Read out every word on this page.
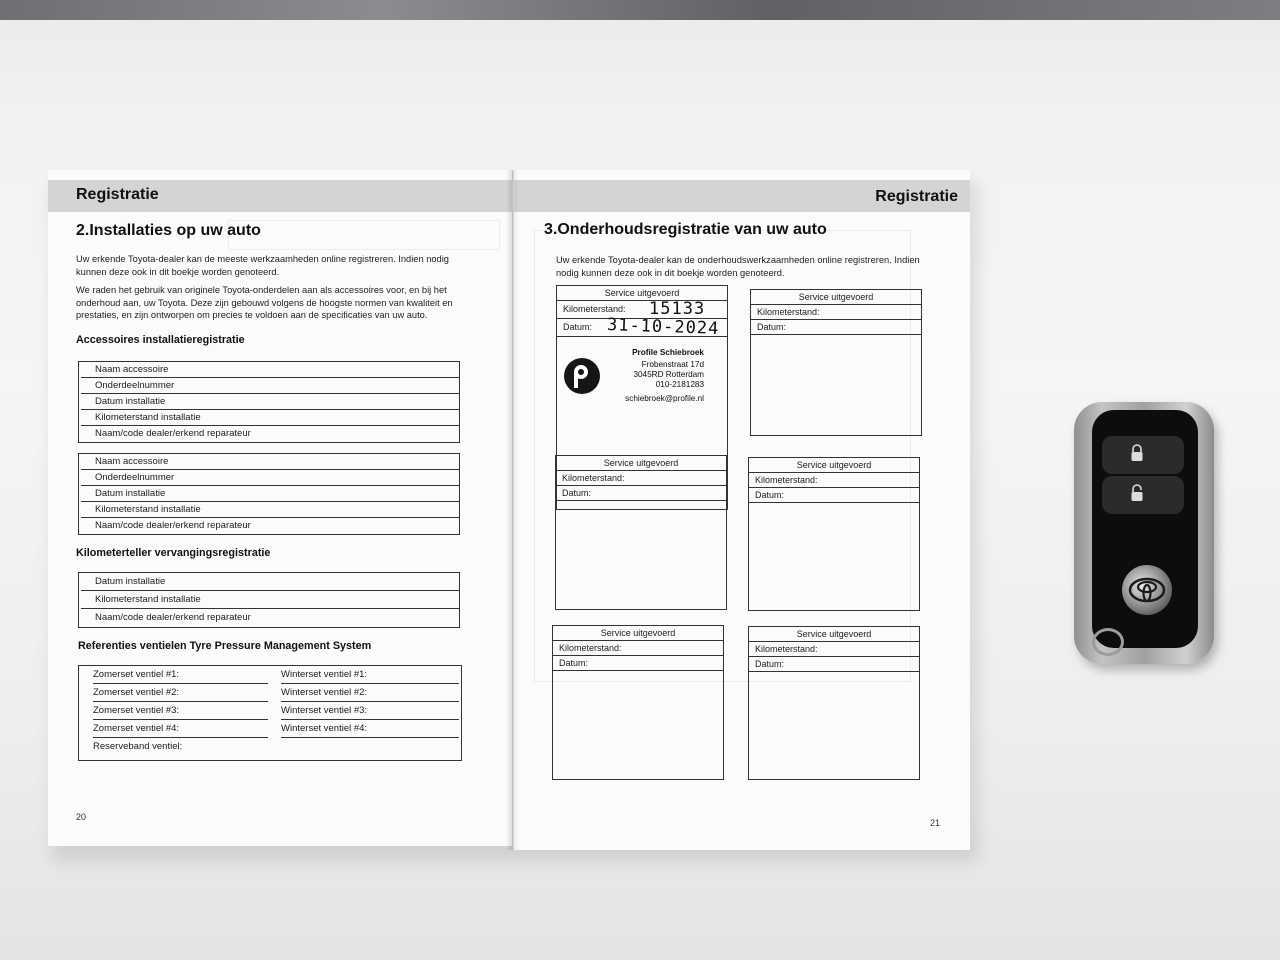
Registratie
2.Installaties op uw auto

Uw erkende Toyota-dealer kan de meeste werkzaamheden online registreren. Indien nodig kunnen deze ook in dit boekje worden genoteerd.

We raden het gebruik van originele Toyota-onderdelen aan als accessoires voor, en bij het onderhoud aan, uw Toyota. Deze zijn gebouwd volgens de hoogste normen van kwaliteit en prestaties, en zijn ontworpen om precies te voldoen aan de specificaties van uw auto.

Accessoires installatieregistratie
Naam accessoire
Onderdeelnummer
Datum installatie
Kilometerstand installatie
Naam/code dealer/erkend reparateur
Naam accessoire
Onderdeelnummer
Datum installatie
Kilometerstand installatie
Naam/code dealer/erkend reparateur
Kilometerteller vervangingsregistratie
Datum installatie
Kilometerstand installatie
Naam/code dealer/erkend reparateur
Referenties ventielen Tyre Pressure Management System
Zomerset ventiel #1:
Zomerset ventiel #2:
Zomerset ventiel #3:
Zomerset ventiel #4:
Reserveband ventiel:
Winterset ventiel #1:
Winterset ventiel #2:
Winterset ventiel #3:
Winterset ventiel #4:
20
Registratie
3.Onderhoudsregistratie van uw auto

Uw erkende Toyota-dealer kan de onderhoudswerkzaamheden online registreren. Indien nodig kunnen deze ook in dit boekje worden genoteerd.

Service uitgevoerd
Kilometerstand:
Datum:
15133
31-10-2024
Profile Schiebroek
Frobenstraat 17d
3045RD Rotterdam
010-2181283
schiebroek@profile.nl
Service uitgevoerd
Kilometerstand:
Datum:
Service uitgevoerd
Kilometerstand:
Datum:
Service uitgevoerd
Kilometerstand:
Datum:
Service uitgevoerd
Kilometerstand:
Datum:
Service uitgevoerd
Kilometerstand:
Datum:
21
